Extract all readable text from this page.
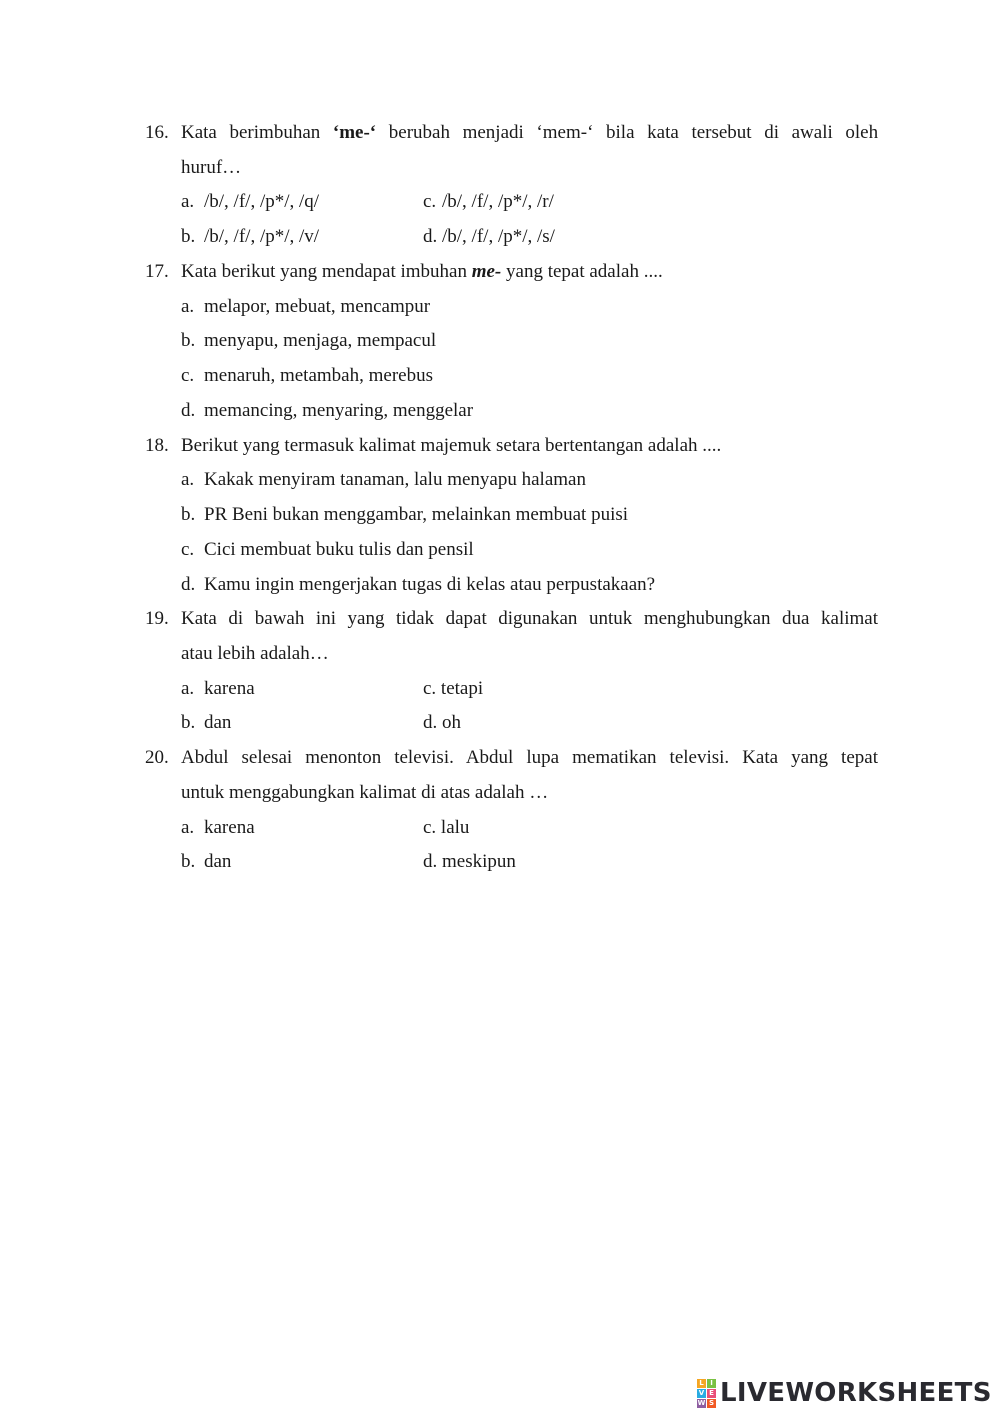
16. Kata berimbuhan ‘me-‘ berubah menjadi ‘mem-‘ bila kata tersebut di awali oleh
huruf…
a. /b/, /f/, /p*/, /q/	c. /b/, /f/, /p*/, /r/
b. /b/, /f/, /p*/, /v/	d. /b/, /f/, /p*/, /s/
17. Kata berikut yang mendapat imbuhan me- yang tepat adalah ....
a. melapor, mebuat, mencampur
b. menyapu, menjaga, mempacul
c. menaruh, metambah, merebus
d. memancing, menyaring, menggelar
18. Berikut yang termasuk kalimat majemuk setara bertentangan adalah ....
a. Kakak menyiram tanaman, lalu menyapu halaman
b. PR Beni bukan menggambar, melainkan membuat puisi
c. Cici membuat buku tulis dan pensil
d. Kamu ingin mengerjakan tugas di kelas atau perpustakaan?
19. Kata di bawah ini yang tidak dapat digunakan untuk menghubungkan dua kalimat
atau lebih adalah…
a. karena	c. tetapi
b. dan	d. oh
20. Abdul selesai menonton televisi. Abdul lupa mematikan televisi. Kata yang tepat
untuk menggabungkan kalimat di atas adalah …
a. karena	c. lalu
b. dan	d. meskipun
L I
V E
W S LIVEWORKSHEETS
